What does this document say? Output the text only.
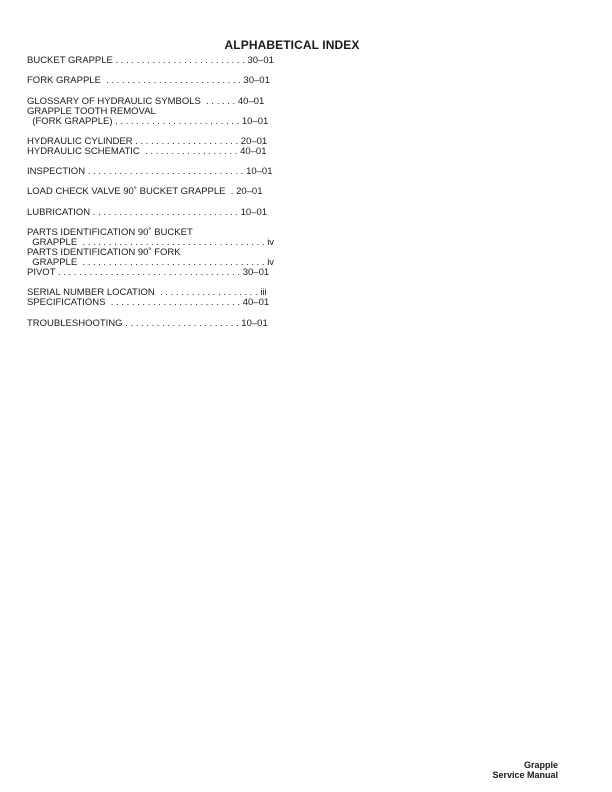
ALPHABETICAL INDEX
BUCKET GRAPPLE . . . . . . . . . . . . . . . . . . . . . . . . . 30–01
FORK GRAPPLE  . . . . . . . . . . . . . . . . . . . . . . . . . . 30–01
GLOSSARY OF HYDRAULIC SYMBOLS  . . . . . . 40–01
GRAPPLE TOOTH REMOVAL
(FORK GRAPPLE) . . . . . . . . . . . . . . . . . . . . . . . . 10–01
HYDRAULIC CYLINDER . . . . . . . . . . . . . . . . . . . . 20–01
HYDRAULIC SCHEMATIC  . . . . . . . . . . . . . . . . . . 40–01
INSPECTION . . . . . . . . . . . . . . . . . . . . . . . . . . . . . . 10–01
LOAD CHECK VALVE 90˚ BUCKET GRAPPLE  . 20–01
LUBRICATION . . . . . . . . . . . . . . . . . . . . . . . . . . . . 10–01
PARTS IDENTIFICATION 90˚ BUCKET
GRAPPLE  . . . . . . . . . . . . . . . . . . . . . . . . . . . . . . . . . . . iv
PARTS IDENTIFICATION 90˚ FORK
GRAPPLE  . . . . . . . . . . . . . . . . . . . . . . . . . . . . . . . . . . . iv
PIVOT . . . . . . . . . . . . . . . . . . . . . . . . . . . . . . . . . . . 30–01
SERIAL NUMBER LOCATION  . . . . . . . . . . . . . . . . . . . iii
SPECIFICATIONS  . . . . . . . . . . . . . . . . . . . . . . . . . 40–01
TROUBLESHOOTING . . . . . . . . . . . . . . . . . . . . . . 10–01
Grapple
Service Manual
